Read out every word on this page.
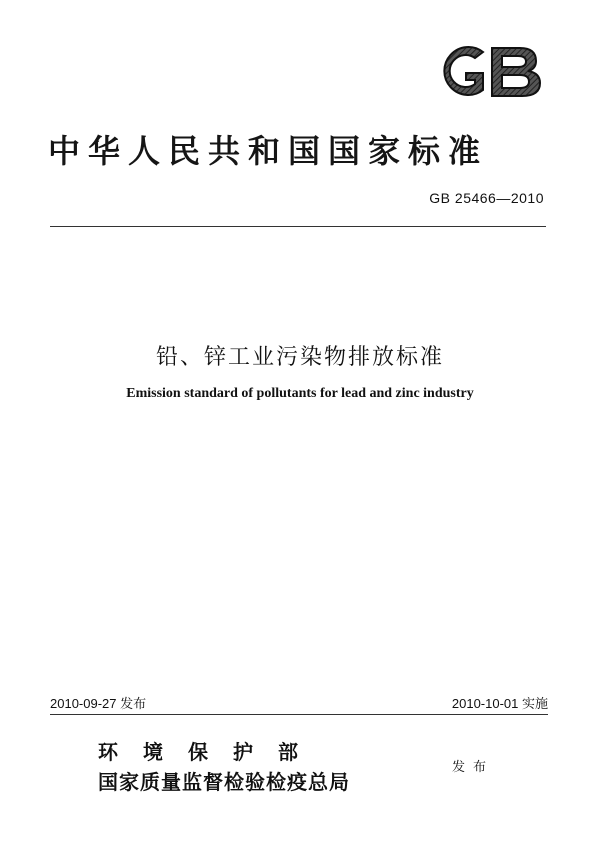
中华人民共和国国家标准
GB 25466—2010
铅、锌工业污染物排放标准
Emission standard of pollutants for lead and zinc industry
2010-09-27 发布	2010-10-01 实施
环境保护部
国家质量监督检验检疫总局
发布
